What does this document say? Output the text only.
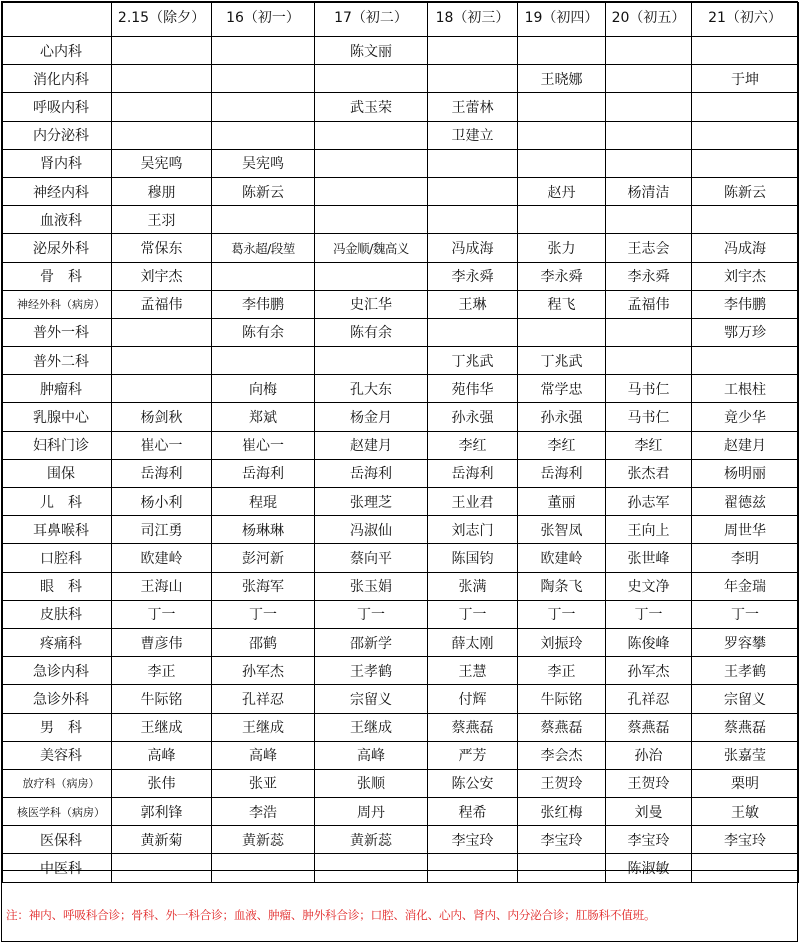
	2.15（除夕）	16（初一）	17（初二）	18（初三）	19（初四）	20（初五）	21（初六）
心内科			陈文丽				
消化内科					王晓娜		于坤
呼吸内科			武玉荣	王蕾林			
内分泌科				卫建立			
肾内科	吴宪鸣	吴宪鸣					
神经内科	穆朋	陈新云			赵丹	杨清洁	陈新云
血液科	王羽						
泌尿外科	常保东	葛永超/段堃	冯金顺/魏高义	冯成海	张力	王志会	冯成海
骨　科	刘宇杰			李永舜	李永舜	李永舜	刘宇杰
神经外科（病房）	孟福伟	李伟鹏	史汇华	王琳	程飞	孟福伟	李伟鹏
普外一科		陈有余	陈有余				鄂万珍
普外二科				丁兆武	丁兆武		
肿瘤科		向梅	孔大东	苑伟华	常学忠	马书仁	工根柱
乳腺中心	杨剑秋	郑斌	杨金月	孙永强	孙永强	马书仁	竟少华
妇科门诊	崔心一	崔心一	赵建月	李红	李红	李红	赵建月
围保	岳海利	岳海利	岳海利	岳海利	岳海利	张杰君	杨明丽
儿　科	杨小利	程琨	张理芝	王业君	董丽	孙志军	翟德兹
耳鼻喉科	司江勇	杨琳琳	冯淑仙	刘志门	张智凤	王向上	周世华
口腔科	欧建岭	彭河新	蔡向平	陈国钧	欧建岭	张世峰	李明
眼　科	王海山	张海军	张玉娟	张满	陶条飞	史文净	年金瑞
皮肤科	丁一	丁一	丁一	丁一	丁一	丁一	丁一
疼痛科	曹彦伟	邵鹤	邵新学	薛太刚	刘振玲	陈俊峰	罗容攀
急诊内科	李正	孙军杰	王孝鹤	王慧	李正	孙军杰	王孝鹤
急诊外科	牛际铭	孔祥忍	宗留义	付辉	牛际铭	孔祥忍	宗留义
男　科	王继成	王继成	王继成	蔡燕磊	蔡燕磊	蔡燕磊	蔡燕磊
美容科	高峰	高峰	高峰	严芳	李会杰	孙治	张嘉莹
放疗科（病房）	张伟	张亚	张顺	陈公安	王贺玲	王贺玲	栗明
核医学科（病房）	郭利锋	李浩	周丹	程希	张红梅	刘曼	王敏
医保科	黄新菊	黄新蕊	黄新蕊	李宝玲	李宝玲	李宝玲	李宝玲
中医科						陈淑敏	
注：神内、呼吸科合诊；骨科、外一科合诊；血液、肿瘤、肿外科合诊；口腔、消化、心内、肾内、内分泌合诊；肛肠科不值班。
